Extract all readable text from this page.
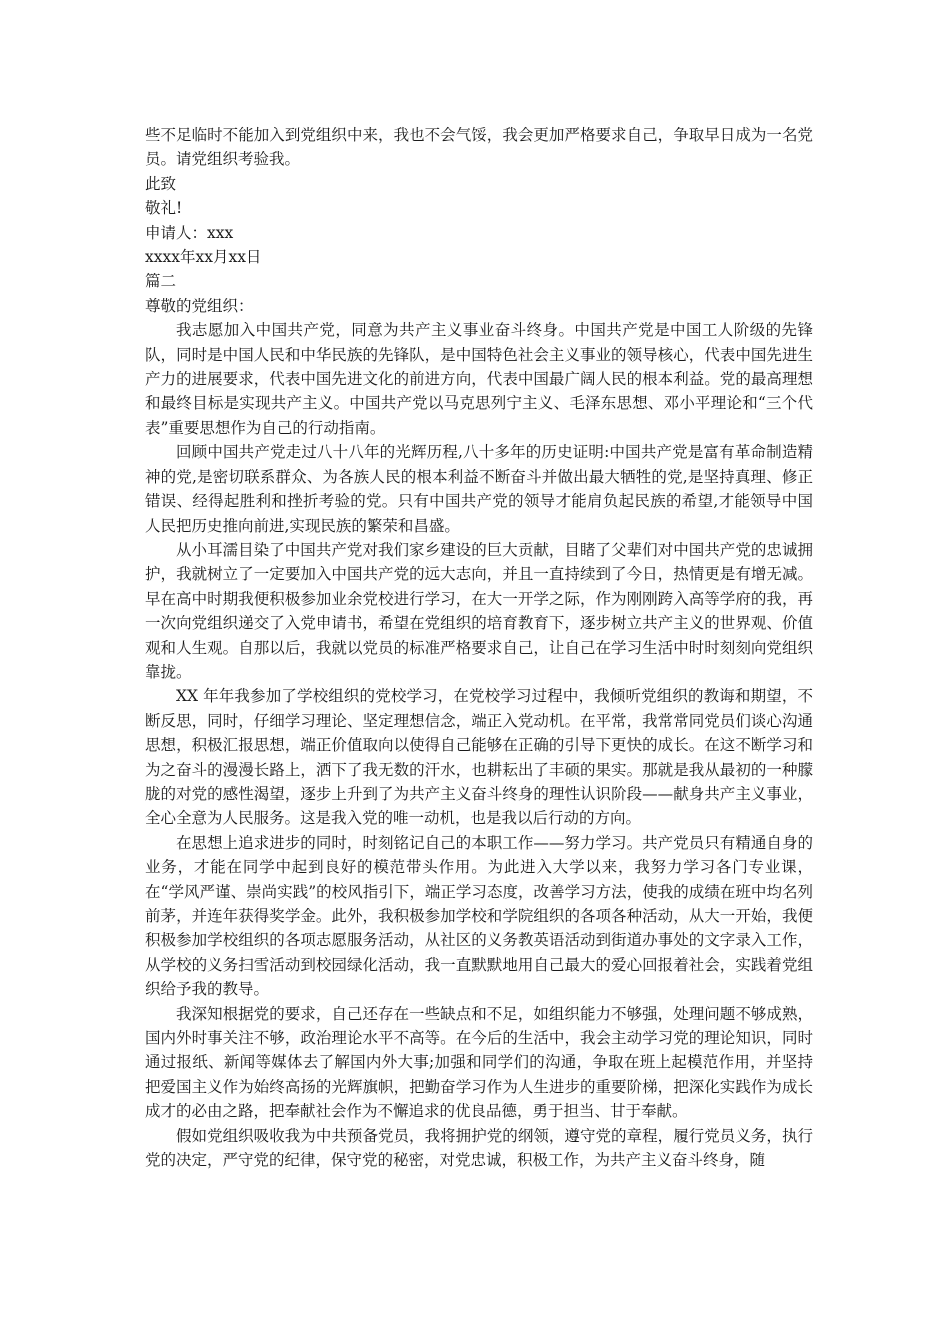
些不足临时不能加入到党组织中来，我也不会气馁，我会更加严格要求自己，争取早日成为一名党员。请党组织考验我。

此致

敬礼!

申请人：xxx

xxxx年xx月xx日

篇二

尊敬的党组织：

我志愿加入中国共产党，同意为共产主义事业奋斗终身。中国共产党是中国工人阶级的先锋队，同时是中国人民和中华民族的先锋队，是中国特色社会主义事业的领导核心，代表中国先进生产力的进展要求，代表中国先进文化的前进方向，代表中国最广阔人民的根本利益。党的最高理想和最终目标是实现共产主义。中国共产党以马克思列宁主义、毛泽东思想、邓小平理论和“三个代表”重要思想作为自己的行动指南。

回顾中国共产党走过八十八年的光辉历程,八十多年的历史证明:中国共产党是富有革命制造精神的党,是密切联系群众、为各族人民的根本利益不断奋斗并做出最大牺牲的党,是坚持真理、修正错误、经得起胜利和挫折考验的党。只有中国共产党的领导才能肩负起民族的希望,才能领导中国人民把历史推向前进,实现民族的繁荣和昌盛。

从小耳濡目染了中国共产党对我们家乡建设的巨大贡献，目睹了父辈们对中国共产党的忠诚拥护，我就树立了一定要加入中国共产党的远大志向，并且一直持续到了今日，热情更是有增无减。早在高中时期我便积极参加业余党校进行学习，在大一开学之际，作为刚刚跨入高等学府的我，再一次向党组织递交了入党申请书，希望在党组织的培育教育下，逐步树立共产主义的世界观、价值观和人生观。自那以后，我就以党员的标准严格要求自己，让自己在学习生活中时时刻刻向党组织靠拢。

XX 年年我参加了学校组织的党校学习，在党校学习过程中，我倾听党组织的教诲和期望，不断反思，同时，仔细学习理论、坚定理想信念，端正入党动机。在平常，我常常同党员们谈心沟通思想，积极汇报思想，端正价值取向以使得自己能够在正确的引导下更快的成长。在这不断学习和为之奋斗的漫漫长路上，洒下了我无数的汗水，也耕耘出了丰硕的果实。那就是我从最初的一种朦胧的对党的感性渴望，逐步上升到了为共产主义奋斗终身的理性认识阶段——献身共产主义事业，全心全意为人民服务。这是我入党的唯一动机，也是我以后行动的方向。

在思想上追求进步的同时，时刻铭记自己的本职工作——努力学习。共产党员只有精通自身的业务，才能在同学中起到良好的模范带头作用。为此进入大学以来，我努力学习各门专业课，在“学风严谨、崇尚实践”的校风指引下，端正学习态度，改善学习方法，使我的成绩在班中均名列前茅，并连年获得奖学金。此外，我积极参加学校和学院组织的各项各种活动，从大一开始，我便积极参加学校组织的各项志愿服务活动，从社区的义务教英语活动到街道办事处的文字录入工作，从学校的义务扫雪活动到校园绿化活动，我一直默默地用自己最大的爱心回报着社会，实践着党组织给予我的教导。

我深知根据党的要求，自己还存在一些缺点和不足，如组织能力不够强，处理问题不够成熟，国内外时事关注不够，政治理论水平不高等。在今后的生活中，我会主动学习党的理论知识，同时通过报纸、新闻等媒体去了解国内外大事;加强和同学们的沟通，争取在班上起模范作用，并坚持把爱国主义作为始终高扬的光辉旗帜，把勤奋学习作为人生进步的重要阶梯，把深化实践作为成长成才的必由之路，把奉献社会作为不懈追求的优良品德，勇于担当、甘于奉献。

假如党组织吸收我为中共预备党员，我将拥护党的纲领，遵守党的章程，履行党员义务，执行党的决定，严守党的纪律，保守党的秘密，对党忠诚，积极工作，为共产主义奋斗终身，随
